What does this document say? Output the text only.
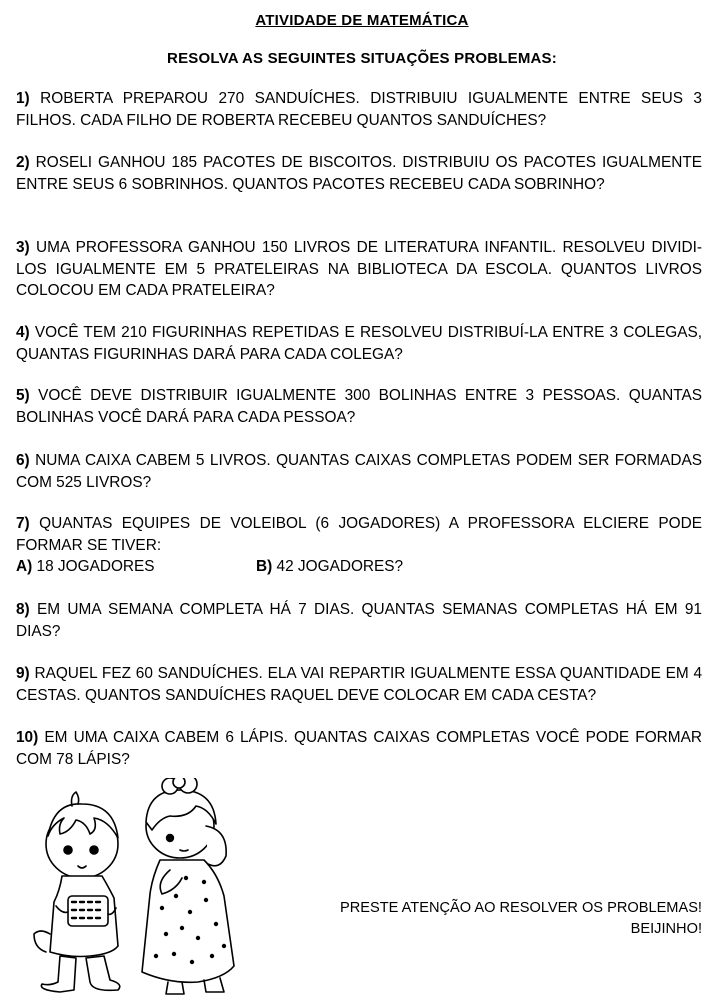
ATIVIDADE DE MATEMÁTICA
RESOLVA AS SEGUINTES SITUAÇÕES PROBLEMAS:
1) ROBERTA PREPAROU 270 SANDUÍCHES. DISTRIBUIU IGUALMENTE ENTRE SEUS 3 FILHOS. CADA FILHO DE ROBERTA RECEBEU QUANTOS SANDUÍCHES?
2) ROSELI GANHOU 185 PACOTES DE BISCOITOS. DISTRIBUIU OS PACOTES IGUALMENTE ENTRE SEUS 6 SOBRINHOS. QUANTOS PACOTES RECEBEU CADA SOBRINHO?
3) UMA PROFESSORA GANHOU 150 LIVROS DE LITERATURA INFANTIL. RESOLVEU DIVIDI-LOS IGUALMENTE EM 5 PRATELEIRAS NA BIBLIOTECA DA ESCOLA. QUANTOS LIVROS COLOCOU EM CADA PRATELEIRA?
4) VOCÊ TEM 210 FIGURINHAS REPETIDAS E RESOLVEU DISTRIBUÍ-LA ENTRE 3 COLEGAS, QUANTAS FIGURINHAS DARÁ PARA CADA COLEGA?
5) VOCÊ DEVE DISTRIBUIR IGUALMENTE 300 BOLINHAS ENTRE 3 PESSOAS. QUANTAS BOLINHAS VOCÊ DARÁ PARA CADA PESSOA?
6) NUMA CAIXA CABEM 5 LIVROS. QUANTAS CAIXAS COMPLETAS PODEM SER FORMADAS COM 525 LIVROS?
7) QUANTAS EQUIPES DE VOLEIBOL (6 JOGADORES) A PROFESSORA ELCIERE PODE FORMAR SE TIVER:
A) 18 JOGADORES	B) 42 JOGADORES?
8) EM UMA SEMANA COMPLETA HÁ 7 DIAS. QUANTAS SEMANAS COMPLETAS HÁ EM 91 DIAS?
9) RAQUEL FEZ 60 SANDUÍCHES. ELA VAI REPARTIR IGUALMENTE ESSA QUANTIDADE EM 4 CESTAS. QUANTOS SANDUÍCHES RAQUEL DEVE COLOCAR EM CADA CESTA?
10) EM UMA CAIXA CABEM 6 LÁPIS. QUANTAS CAIXAS COMPLETAS VOCÊ PODE FORMAR COM 78 LÁPIS?
PRESTE ATENÇÃO AO RESOLVER OS PROBLEMAS!
BEIJINHO!
